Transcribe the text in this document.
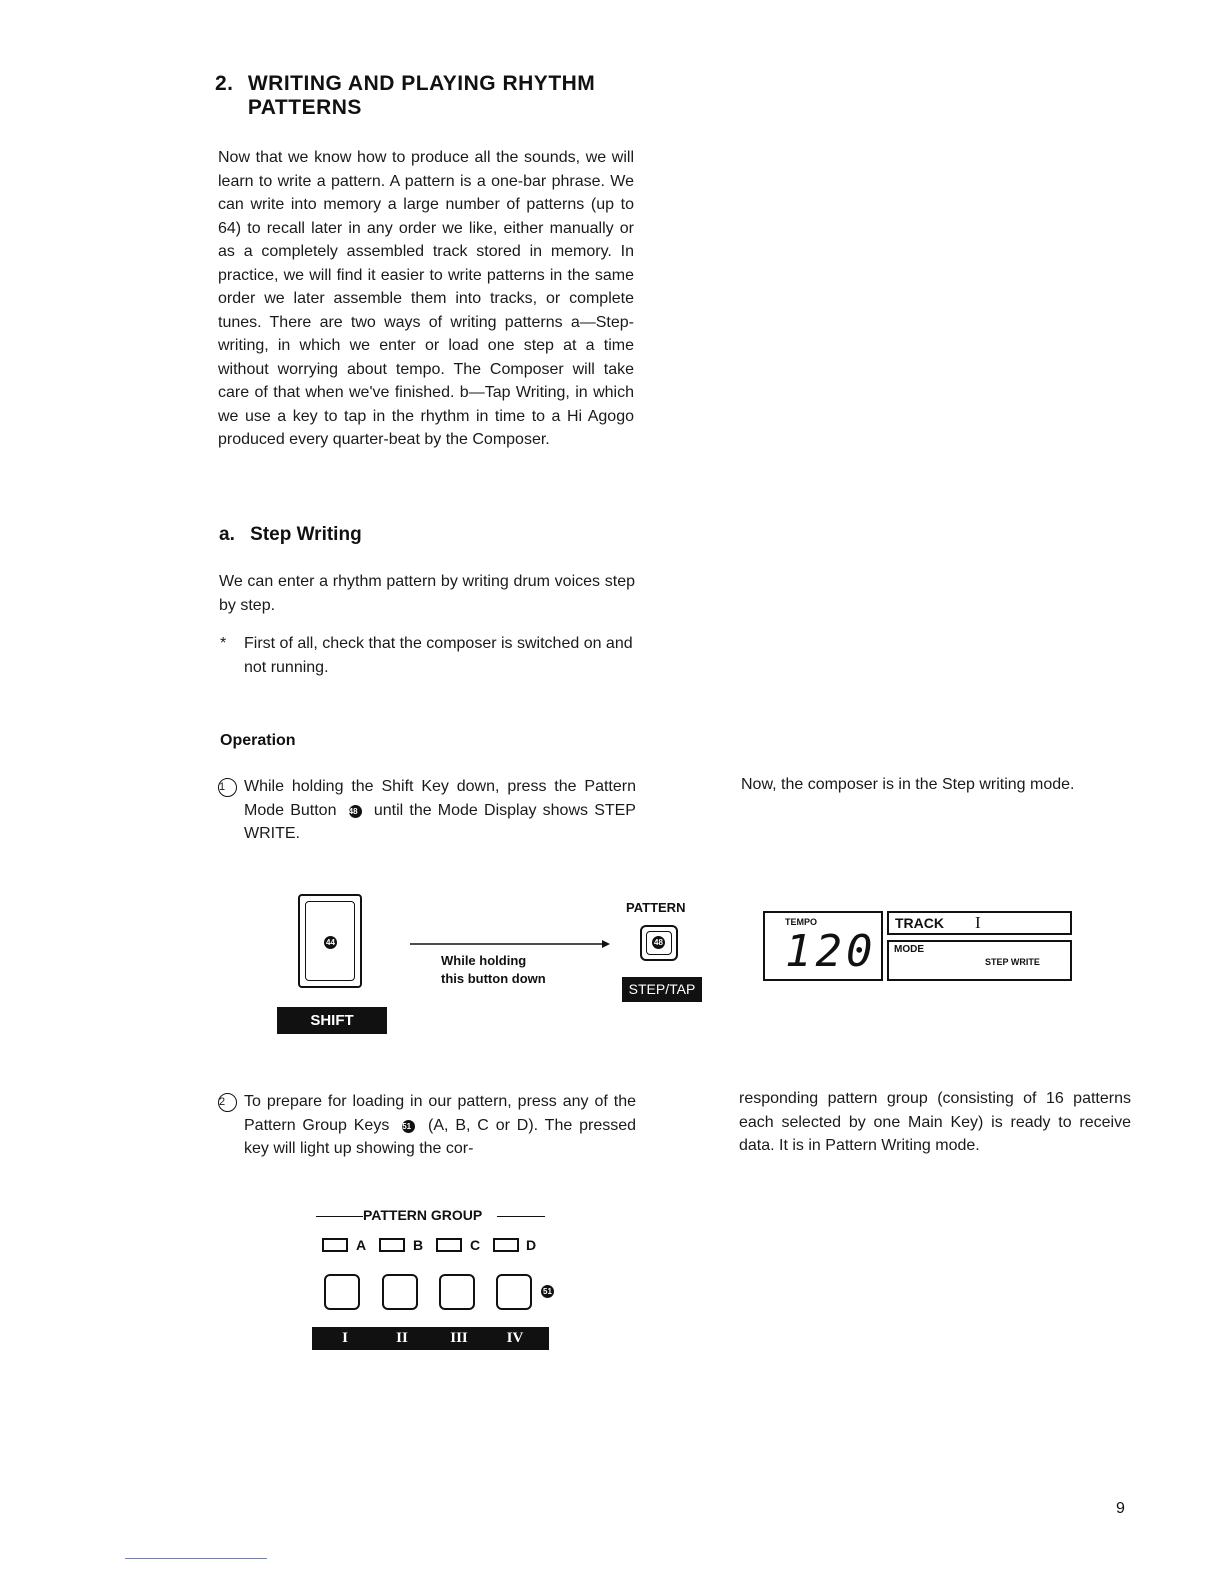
2. WRITING AND PLAYING RHYTHM PATTERNS
Now that we know how to produce all the sounds, we will learn to write a pattern. A pattern is a one-bar phrase. We can write into memory a large number of patterns (up to 64) to recall later in any order we like, either manually or as a completely assembled track stored in memory. In practice, we will find it easier to write patterns in the same order we later assemble them into tracks, or complete tunes. There are two ways of writing patterns a—Step-writing, in which we enter or load one step at a time without worrying about tempo. The Composer will take care of that when we've finished. b—Tap Writing, in which we use a key to tap in the rhythm in time to a Hi Agogo produced every quarter-beat by the Composer.
a. Step Writing
We can enter a rhythm pattern by writing drum voices step by step.
* First of all, check that the composer is switched on and not running.
Operation
1	While holding the Shift Key down, press the Pattern Mode Button 48 until the Mode Display shows STEP WRITE.
Now, the composer is in the Step writing mode.
44
SHIFT
While holding
this button down
PATTERN
48
STEP/TAP
TEMPO
120
TRACK I
MODE
STEP WRITE
2	To prepare for loading in our pattern, press any of the Pattern Group Keys 51 (A, B, C or D). The pressed key will light up showing the cor-
responding pattern group (consisting of 16 patterns each selected by one Main Key) is ready to receive data. It is in Pattern Writing mode.
PATTERN GROUP
A	B	C	D
51
I	II	III	IV
9
